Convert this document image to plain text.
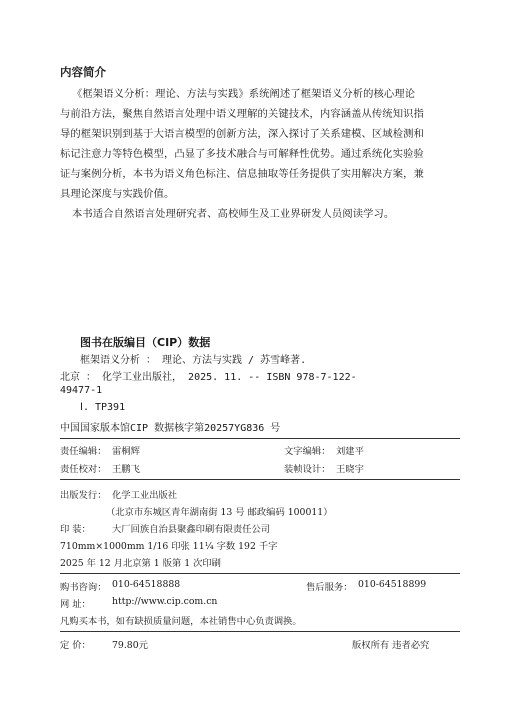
内容简介
《框架语义分析：理论、方法与实践》系统阐述了框架语义分析的核心理论
与前沿方法，聚焦自然语言处理中语义理解的关键技术，内容涵盖从传统知识指
导的框架识别到基于大语言模型的创新方法，深入探讨了关系建模、区域检测和
标记注意力等特色模型，凸显了多技术融合与可解释性优势。通过系统化实验验
证与案例分析，本书为语义角色标注、信息抽取等任务提供了实用解决方案，兼
具理论深度与实践价值。
本书适合自然语言处理研究者、高校师生及工业界研发人员阅读学习。
图书在版编目（CIP）数据
框架语义分析 ： 理论、方法与实践 / 苏雪峰著.
北京 ： 化学工业出版社， 2025. 11. -- ISBN 978-7-122-
49477-1
Ⅰ. TP391
中国国家版本馆CIP 数据核字第20257YG836 号
责任编辑： 雷桐辉	文字编辑： 刘建平
责任校对： 王鹏飞	装帧设计： 王晓宇
出版发行： 化学工业出版社
（北京市东城区青年湖南街 13 号 邮政编码 100011）
印 装： 大厂回族自治县聚鑫印刷有限责任公司
710mm×1000mm 1/16 印张 11¼ 字数 192 千字
2025 年 12 月北京第 1 版第 1 次印刷
购书咨询： 010-64518888	售后服务： 010-64518899
网 址： http://www.cip.com.cn
凡购买本书，如有缺损质量问题，本社销售中心负责调换。
定 价： 79.80元	版权所有 违者必究
